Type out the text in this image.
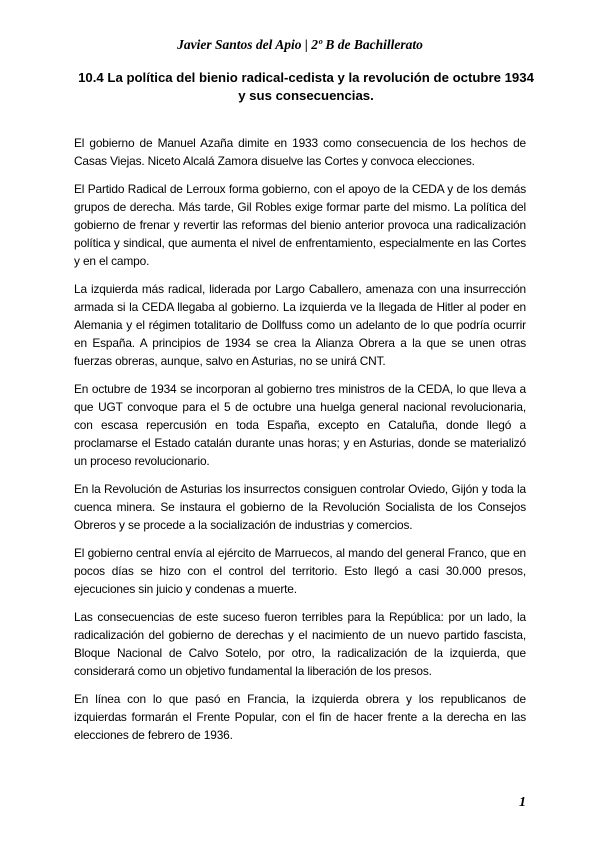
Javier Santos del Apio | 2º B de Bachillerato
10.4 La política del bienio radical-cedista y la revolución de octubre 1934 y sus consecuencias.

El gobierno de Manuel Azaña dimite en 1933 como consecuencia de los hechos de Casas Viejas. Niceto Alcalá Zamora disuelve las Cortes y convoca elecciones.

El Partido Radical de Lerroux forma gobierno, con el apoyo de la CEDA y de los demás grupos de derecha. Más tarde, Gil Robles exige formar parte del mismo. La política del gobierno de frenar y revertir las reformas del bienio anterior provoca una radicalización política y sindical, que aumenta el nivel de enfrentamiento, especialmente en las Cortes y en el campo.

La izquierda más radical, liderada por Largo Caballero, amenaza con una insurrección armada si la CEDA llegaba al gobierno. La izquierda ve la llegada de Hitler al poder en Alemania y el régimen totalitario de Dollfuss como un adelanto de lo que podría ocurrir en España. A principios de 1934 se crea la Alianza Obrera a la que se unen otras fuerzas obreras, aunque, salvo en Asturias, no se unirá CNT.

En octubre de 1934 se incorporan al gobierno tres ministros de la CEDA, lo que lleva a que UGT convoque para el 5 de octubre una huelga general nacional revolucionaria, con escasa repercusión en toda España, excepto en Cataluña, donde llegó a proclamarse el Estado catalán durante unas horas; y en Asturias, donde se materializó un proceso revolucionario.

En la Revolución de Asturias los insurrectos consiguen controlar Oviedo, Gijón y toda la cuenca minera. Se instaura el gobierno de la Revolución Socialista de los Consejos Obreros y se procede a la socialización de industrias y comercios.

El gobierno central envía al ejército de Marruecos, al mando del general Franco, que en pocos días se hizo con el control del territorio. Esto llegó a casi 30.000 presos, ejecuciones sin juicio y condenas a muerte.

Las consecuencias de este suceso fueron terribles para la República: por un lado, la radicalización del gobierno de derechas y el nacimiento de un nuevo partido fascista, Bloque Nacional de Calvo Sotelo, por otro, la radicalización de la izquierda, que considerará como un objetivo fundamental la liberación de los presos.

En línea con lo que pasó en Francia, la izquierda obrera y los republicanos de izquierdas formarán el Frente Popular, con el fin de hacer frente a la derecha en las elecciones de febrero de 1936.

1
